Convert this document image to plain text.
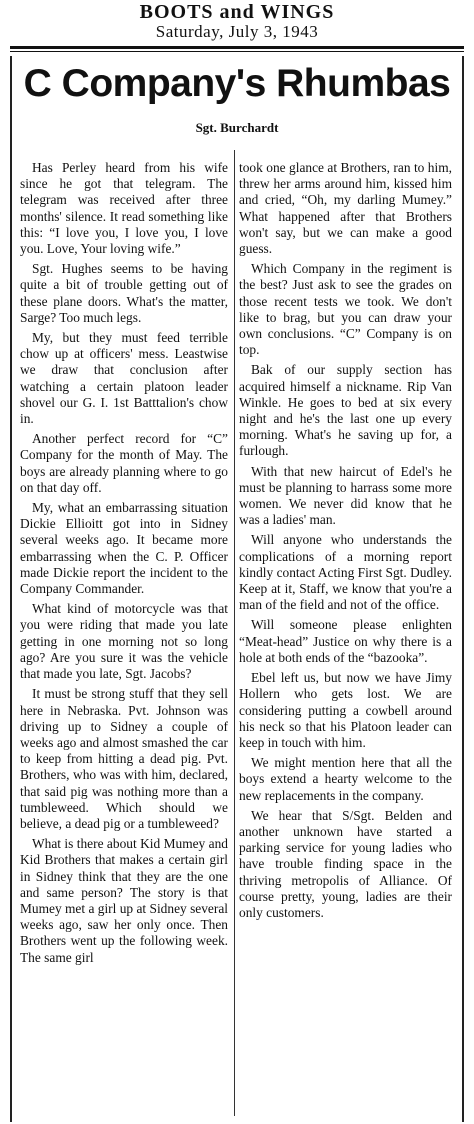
BOOTS and WINGS
Saturday, July 3, 1943
C Company's Rhumbas
Sgt. Burchardt

Has Perley heard from his wife since he got that telegram. The telegram was received after three months' silence. It read something like this: “I love you, I love you, I love you. Love, Your loving wife.”

Sgt. Hughes seems to be having quite a bit of trouble getting out of these plane doors. What's the matter, Sarge? Too much legs.

My, but they must feed terrible chow up at officers' mess. Leastwise we draw that conclusion after watching a certain platoon leader shovel our G. I. 1st Batttalion's chow in.

Another perfect record for “C” Company for the month of May. The boys are already planning where to go on that day off.

My, what an embarrassing situation Dickie Ellioitt got into in Sidney several weeks ago. It became more embarrassing when the C. P. Officer made Dickie report the incident to the Company Commander.

What kind of motorcycle was that you were riding that made you late getting in one morning not so long ago? Are you sure it was the vehicle that made you late, Sgt. Jacobs?

It must be strong stuff that they sell here in Nebraska. Pvt. Johnson was driving up to Sidney a couple of weeks ago and almost smashed the car to keep from hitting a dead pig. Pvt. Brothers, who was with him, declared, that said pig was nothing more than a tumbleweed. Which should we believe, a dead pig or a tumbleweed?

What is there about Kid Mumey and Kid Brothers that makes a certain girl in Sidney think that they are the one and same person? The story is that Mumey met a girl up at Sidney several weeks ago, saw her only once. Then Brothers went up the following week. The same girl

took one glance at Brothers, ran to him, threw her arms around him, kissed him and cried, “Oh, my darling Mumey.” What happened after that Brothers won't say, but we can make a good guess.

Which Company in the regiment is the best? Just ask to see the grades on those recent tests we took. We don't like to brag, but you can draw your own conclusions. “C” Company is on top.

Bak of our supply section has acquired himself a nickname. Rip Van Winkle. He goes to bed at six every night and he's the last one up every morning. What's he saving up for, a furlough.

With that new haircut of Edel's he must be planning to harrass some more women. We never did know that he was a ladies' man.

Will anyone who understands the complications of a morning report kindly contact Acting First Sgt. Dudley. Keep at it, Staff, we know that you're a man of the field and not of the office.

Will someone please enlighten “Meat-head” Justice on why there is a hole at both ends of the “bazooka”.

Ebel left us, but now we have Jimy Hollern who gets lost. We are considering putting a cowbell around his neck so that his Platoon leader can keep in touch with him.

We might mention here that all the boys extend a hearty welcome to the new replacements in the company.

We hear that S/Sgt. Belden and another unknown have started a parking service for young ladies who have trouble finding space in the thriving metropolis of Alliance. Of course pretty, young, ladies are their only customers.
